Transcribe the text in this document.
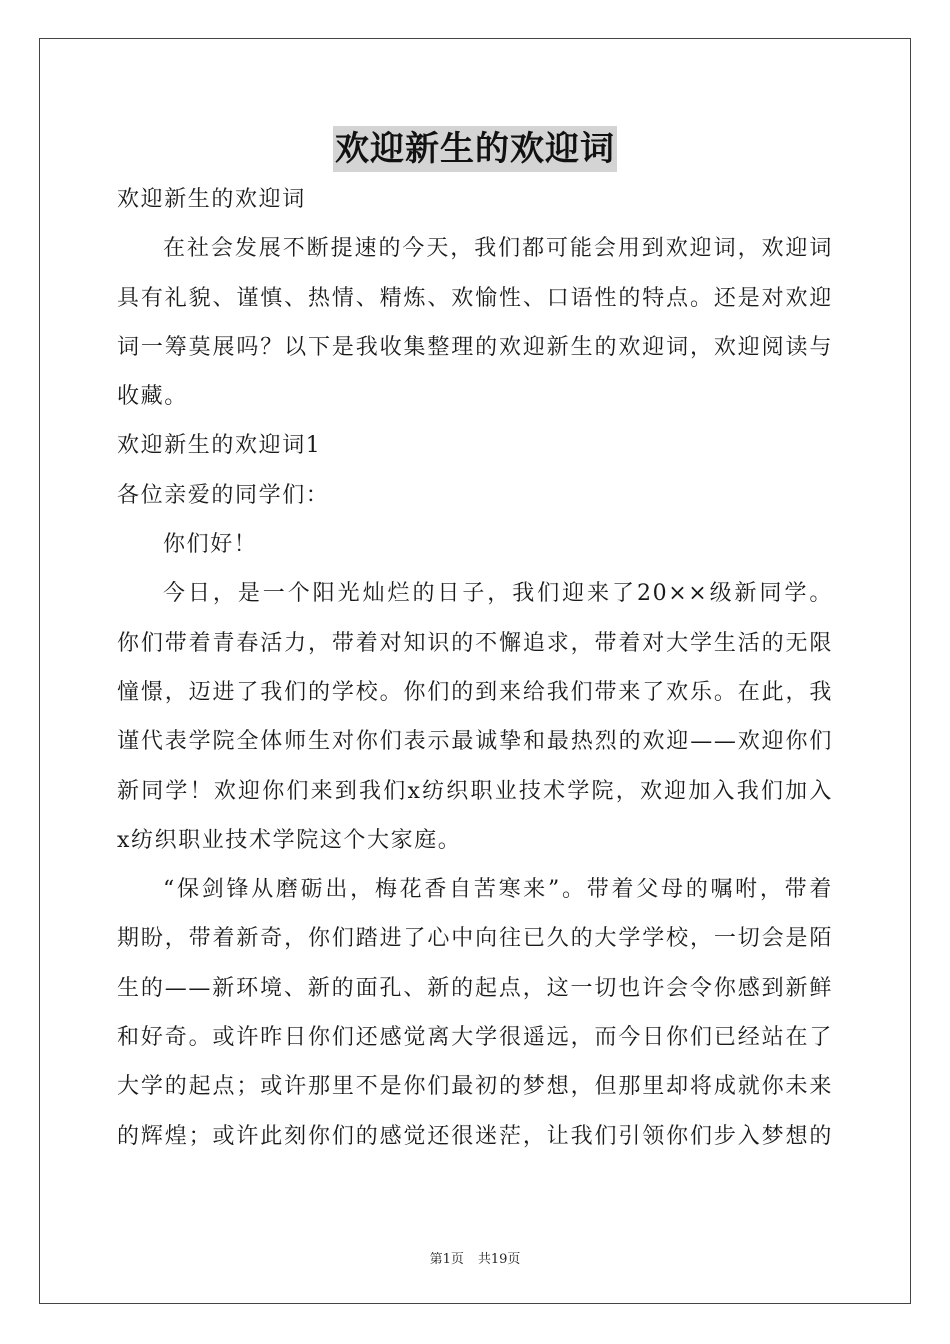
欢迎新生的欢迎词
欢迎新生的欢迎词
在社会发展不断提速的今天，我们都可能会用到欢迎词，欢迎词
具有礼貌、谨慎、热情、精炼、欢愉性、口语性的特点。还是对欢迎
词一筹莫展吗？以下是我收集整理的欢迎新生的欢迎词，欢迎阅读与
收藏。
欢迎新生的欢迎词1
各位亲爱的同学们：
你们好！
今日，是一个阳光灿烂的日子，我们迎来了20××级新同学。
你们带着青春活力，带着对知识的不懈追求，带着对大学生活的无限
憧憬，迈进了我们的学校。你们的到来给我们带来了欢乐。在此，我
谨代表学院全体师生对你们表示最诚挚和最热烈的欢迎——欢迎你们
新同学！欢迎你们来到我们x纺织职业技术学院，欢迎加入我们加入
x纺织职业技术学院这个大家庭。
“保剑锋从磨砺出，梅花香自苦寒来”。带着父母的嘱咐，带着
期盼，带着新奇，你们踏进了心中向往已久的大学学校，一切会是陌
生的——新环境、新的面孔、新的起点，这一切也许会令你感到新鲜
和好奇。或许昨日你们还感觉离大学很遥远，而今日你们已经站在了
大学的起点；或许那里不是你们最初的梦想，但那里却将成就你未来
的辉煌；或许此刻你们的感觉还很迷茫，让我们引领你们步入梦想的
第1页 共19页
